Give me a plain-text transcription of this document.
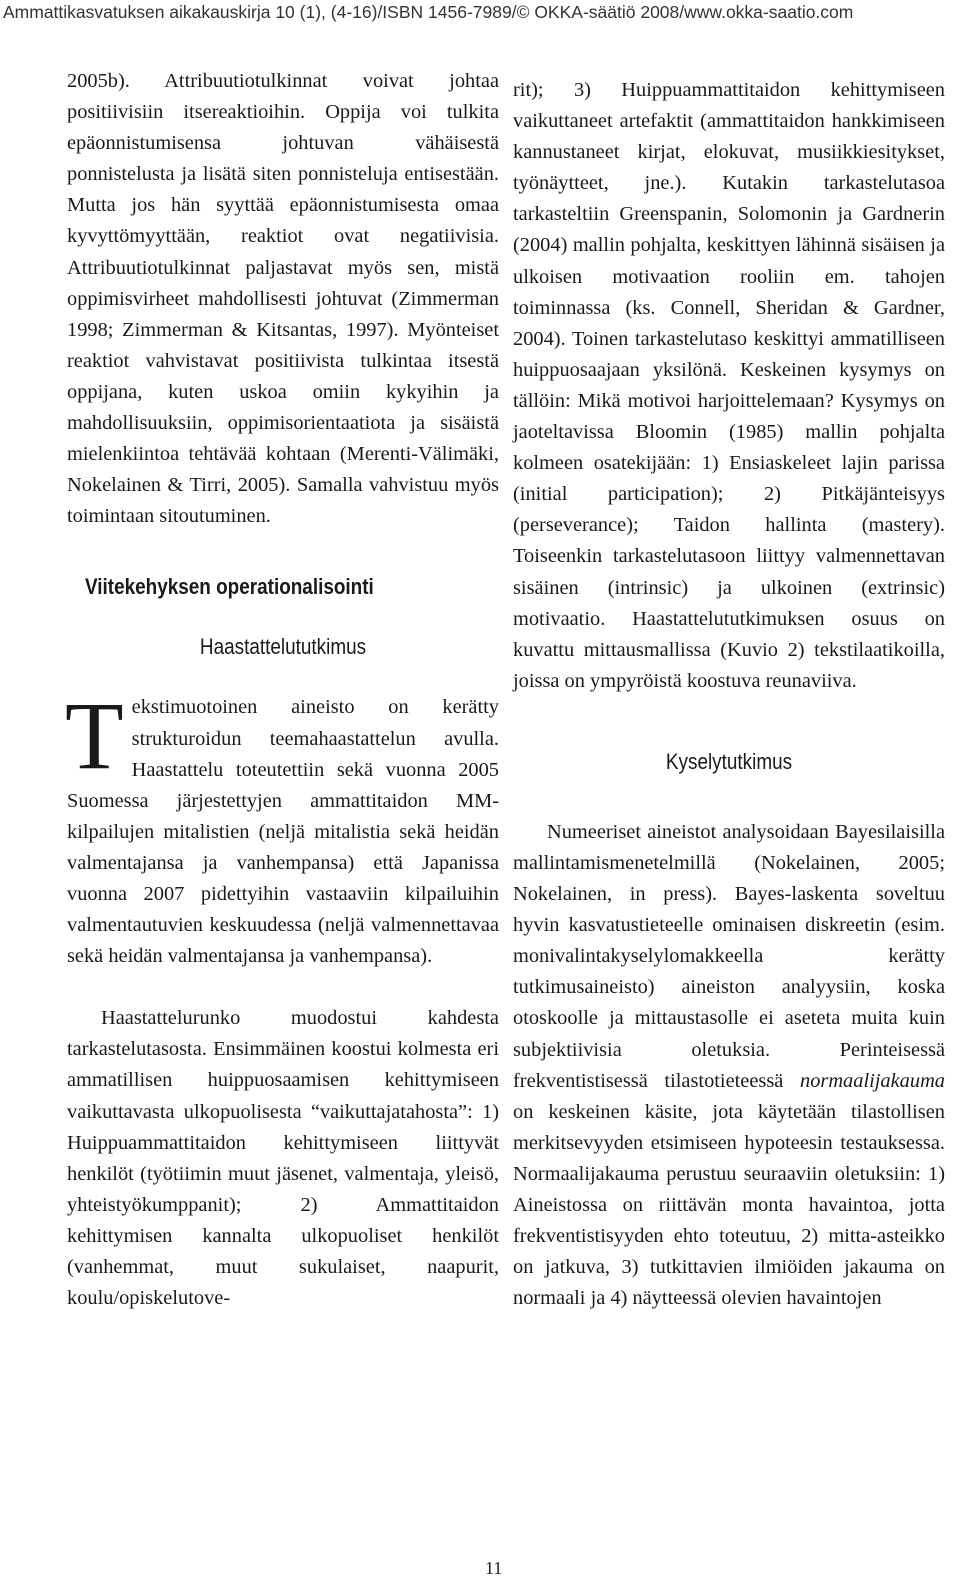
Ammattikasvatuksen aikakauskirja 10 (1), (4-16)/ISBN 1456-7989/© OKKA-säätiö 2008/www.okka-saatio.com

2005b). Attribuutiotulkinnat voivat johtaa positiivisiin itsereaktioihin. Oppija voi tulkita epäonnistumisensa johtuvan vähäisestä ponnistelusta ja lisätä siten ponnisteluja entisestään. Mutta jos hän syyttää epäonnistumisesta omaa kyvyttömyyttään, reaktiot ovat negatiivisia. Attribuutiotulkinnat paljastavat myös sen, mistä oppimisvirheet mahdollisesti johtuvat (Zimmerman 1998; Zimmerman & Kitsantas, 1997). Myönteiset reaktiot vahvistavat positiivista tulkintaa itsestä oppijana, kuten uskoa omiin kykyihin ja mahdollisuuksiin, oppimisorientaatiota ja sisäistä mielenkiintoa tehtävää kohtaan (Merenti-Välimäki, Nokelainen & Tirri, 2005). Samalla vahvistuu myös toimintaan sitoutuminen.

Viitekehyksen operationalisointi
Haastattelututkimus

Tekstimuotoinen aineisto on kerätty strukturoidun teemahaastattelun avulla. Haastattelu toteutettiin sekä vuonna 2005 Suomessa järjestettyjen ammattitaidon MM-kilpailujen mitalistien (neljä mitalistia sekä heidän valmentajansa ja vanhempansa) että Japanissa vuonna 2007 pidettyihin vastaaviin kilpailuihin valmentautuvien keskuudessa (neljä valmennettavaa sekä heidän valmentajansa ja vanhempansa).

Haastattelurunko muodostui kahdesta tarkastelutasosta. Ensimmäinen koostui kolmesta eri ammatillisen huippuosaamisen kehittymiseen vaikuttavasta ulkopuolisesta “vaikuttajatahosta”: 1) Huippuammattitaidon kehittymiseen liittyvät henkilöt (työtiimin muut jäsenet, valmentaja, yleisö, yhteistyökumppanit); 2) Ammattitaidon kehittymisen kannalta ulkopuoliset henkilöt (vanhemmat, muut sukulaiset, naapurit, koulu/opiskelutove-

rit); 3) Huippuammattitaidon kehittymiseen vaikuttaneet artefaktit (ammattitaidon hankkimiseen kannustaneet kirjat, elokuvat, musiikkiesitykset, työnäytteet, jne.). Kutakin tarkastelutasoa tarkasteltiin Greenspanin, Solomonin ja Gardnerin (2004) mallin pohjalta, keskittyen lähinnä sisäisen ja ulkoisen motivaation rooliin em. tahojen toiminnassa (ks. Connell, Sheridan & Gardner, 2004). Toinen tarkastelutaso keskittyi ammatilliseen huippuosaajaan yksilönä. Keskeinen kysymys on tällöin: Mikä motivoi harjoittelemaan? Kysymys on jaoteltavissa Bloomin (1985) mallin pohjalta kolmeen osatekijään: 1) Ensiaskeleet lajin parissa (initial participation); 2) Pitkäjänteisyys (perseverance); Taidon hallinta (mastery). Toiseenkin tarkastelutasoon liittyy valmennettavan sisäinen (intrinsic) ja ulkoinen (extrinsic) motivaatio. Haastattelututkimuksen osuus on kuvattu mittausmallissa (Kuvio 2) tekstilaatikoilla, joissa on ympyröistä koostuva reunaviiva.

Kyselytutkimus

Numeeriset aineistot analysoidaan Bayesilaisilla mallintamismenetelmillä (Nokelainen, 2005; Nokelainen, in press). Bayes-laskenta soveltuu hyvin kasvatustieteelle ominaisen diskreetin (esim. monivalintakyselylomakkeella kerätty tutkimusaineisto) aineiston analyysiin, koska otoskoolle ja mittaustasolle ei aseteta muita kuin subjektiivisia oletuksia. Perinteisessä frekventistisessä tilastotieteessä normaalijakauma on keskeinen käsite, jota käytetään tilastollisen merkitsevyyden etsimiseen hypoteesin testauksessa. Normaalijakauma perustuu seuraaviin oletuksiin: 1) Aineistossa on riittävän monta havaintoa, jotta frekventistisyyden ehto toteutuu, 2) mitta-asteikko on jatkuva, 3) tutkittavien ilmiöiden jakauma on normaali ja 4) näytteessä olevien havaintojen

11
